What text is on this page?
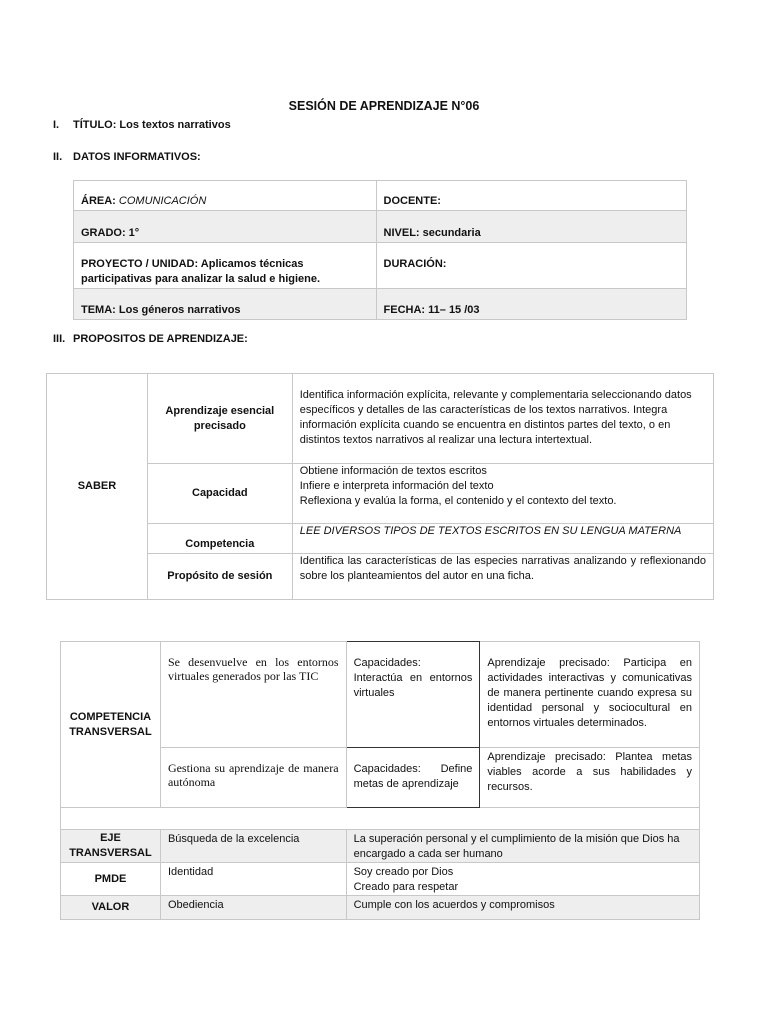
SESIÓN DE APRENDIZAJE N°06
I. TÍTULO: Los textos narrativos
II. DATOS INFORMATIVOS:
III. PROPOSITOS DE APRENDIZAJE:
ÁREA: COMUNICACIÓN	DOCENTE:
GRADO: 1°	NIVEL: secundaria

PROYECTO / UNIDAD: Aplicamos técnicas
participativas para analizar la salud e higiene.	DURACIÓN:
TEMA: Los géneros narrativos	FECHA: 11– 15 /03
SABER	Aprendizaje esencial precisado	Identifica información explícita, relevante y complementaria seleccionando datos específicos y detalles de las características de los textos narrativos. Integra información explícita cuando se encuentra en distintos partes del texto, o en distintos textos narrativos al realizar una lectura intertextual.
	Capacidad	Obtiene información de textos escritos
Infiere e interpreta información del texto
Reflexiona y evalúa la forma, el contenido y el contexto del texto.

	Competencia	LEE DIVERSOS TIPOS DE TEXTOS ESCRITOS EN SU LENGUA MATERNA
	Propósito de sesión	Identifica las características de las especies narrativas analizando y reflexionando sobre los planteamientos del autor en una ficha.
COMPETENCIA TRANSVERSAL	Se desenvuelve en los entornos virtuales generados por las TIC	Capacidades: Interactúa en entornos virtuales	Aprendizaje precisado: Participa en actividades interactivas y comunicativas de manera pertinente cuando expresa su identidad personal y sociocultural en entornos virtuales determinados.
	Gestiona su aprendizaje de manera autónoma	Capacidades: Define metas de aprendizaje	Aprendizaje precisado: Plantea metas viables acorde a sus habilidades y recursos.

EJE TRANSVERSAL	Búsqueda de la excelencia	La superación personal y el cumplimiento de la misión que Dios ha encargado a cada ser humano	
PMDE	Identidad	Soy creado por Dios
Creado para respetar	

VALOR	Obediencia	Cumple con los acuerdos y compromisos	
